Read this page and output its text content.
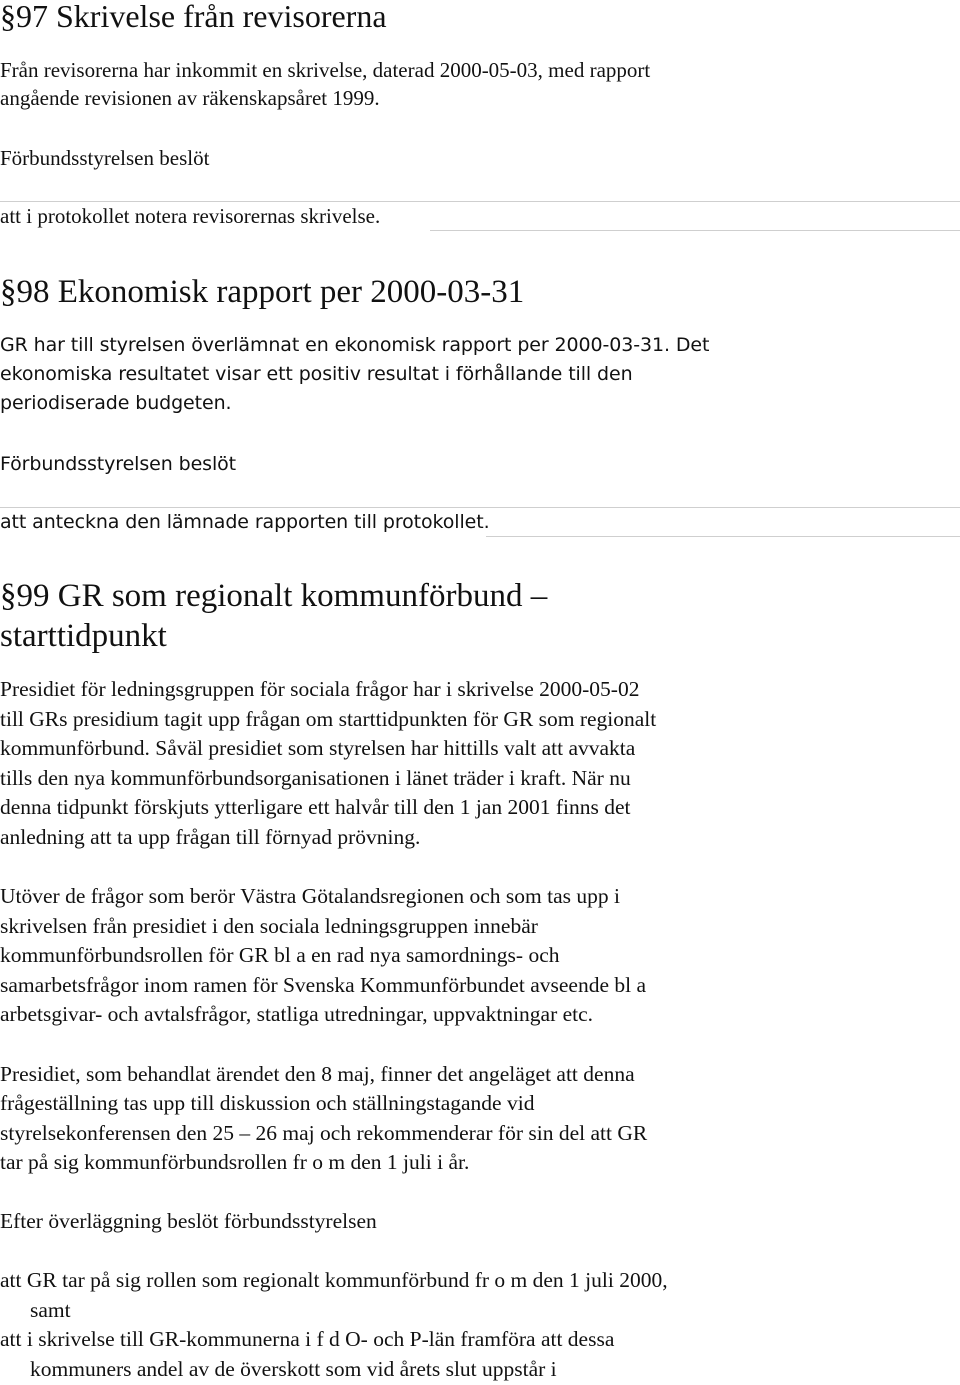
§97 Skrivelse från revisorerna
Från revisorerna har inkommit en skrivelse, daterad 2000-05-03, med rapport
angående revisionen av räkenskapsåret 1999.
Förbundsstyrelsen beslöt
att i protokollet notera revisorernas skrivelse.
§98 Ekonomisk rapport per 2000-03-31
GR har till styrelsen överlämnat en ekonomisk rapport per 2000-03-31. Det
ekonomiska resultatet visar ett positiv resultat i förhållande till den
periodiserade budgeten.
Förbundsstyrelsen beslöt
att anteckna den lämnade rapporten till protokollet.
§99 GR som regionalt kommunförbund –
starttidpunkt
Presidiet för ledningsgruppen för sociala frågor har i skrivelse 2000-05-02
till GRs presidium tagit upp frågan om starttidpunkten för GR som regionalt
kommunförbund. Såväl presidiet som styrelsen har hittills valt att avvakta
tills den nya kommunförbundsorganisationen i länet träder i kraft. När nu
denna tidpunkt förskjuts ytterligare ett halvår till den 1 jan 2001 finns det
anledning att ta upp frågan till förnyad prövning.
Utöver de frågor som berör Västra Götalandsregionen och som tas upp i
skrivelsen från presidiet i den sociala ledningsgruppen innebär
kommunförbundsrollen för GR bl a en rad nya samordnings- och
samarbetsfrågor inom ramen för Svenska Kommunförbundet avseende bl a
arbetsgivar- och avtalsfrågor, statliga utredningar, uppvaktningar etc.
Presidiet, som behandlat ärendet den 8 maj, finner det angeläget att denna
frågeställning tas upp till diskussion och ställningstagande vid
styrelsekonferensen den 25 – 26 maj och rekommenderar för sin del att GR
tar på sig kommunförbundsrollen fr o m den 1 juli i år.
Efter överläggning beslöt förbundsstyrelsen
att GR tar på sig rollen som regionalt kommunförbund fr o m den 1 juli 2000,
samt
att i skrivelse till GR-kommunerna i f d O- och P-län framföra att dessa
kommuners andel av de överskott som vid årets slut uppstår i
